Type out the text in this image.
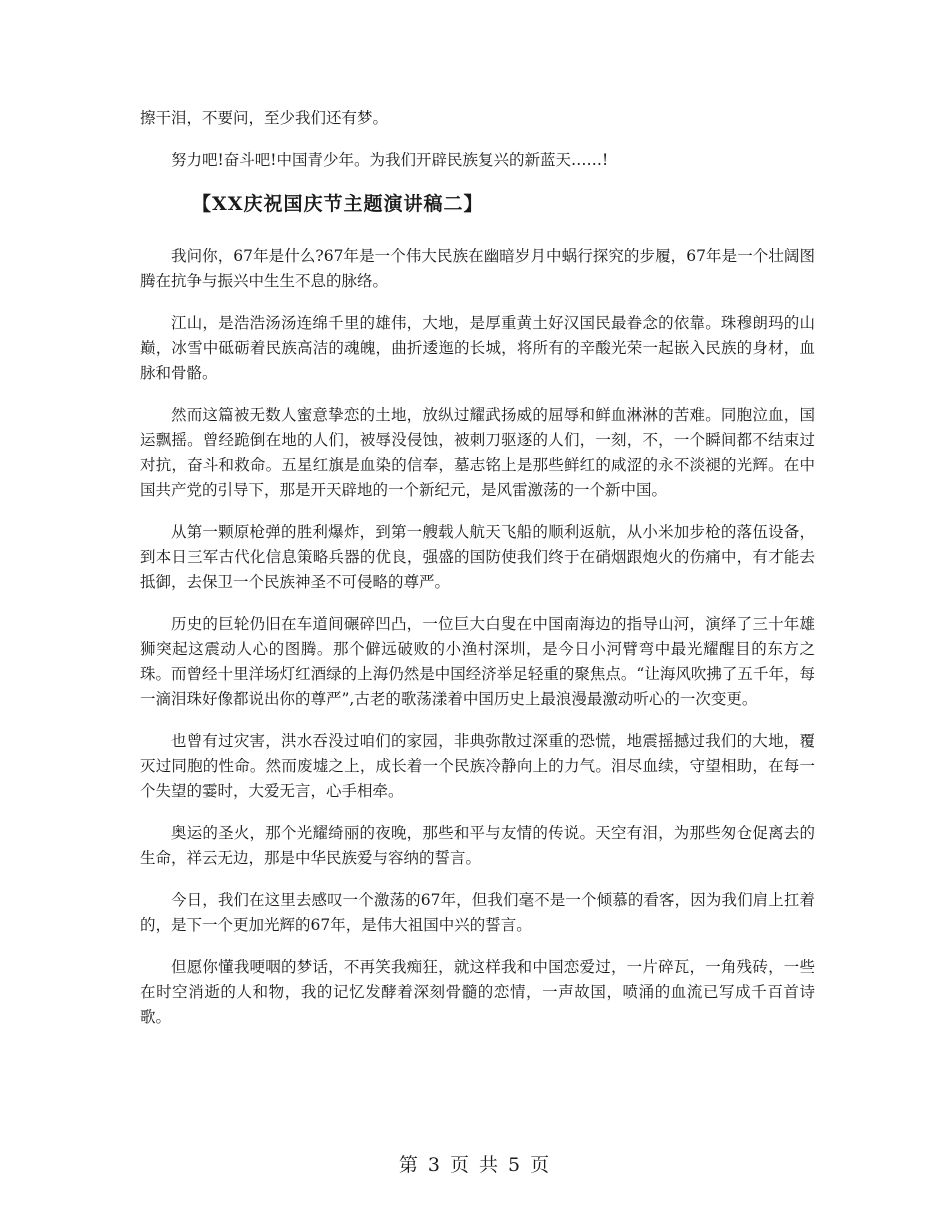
擦干泪，不要问，至少我们还有梦。

努力吧!奋斗吧!中国青少年。为我们开辟民族复兴的新蓝天……!

【XX庆祝国庆节主题演讲稿二】

我问你，67年是什么?67年是一个伟大民族在幽暗岁月中蜗行探究的步履，67年是一个壮阔图腾在抗争与振兴中生生不息的脉络。

江山，是浩浩汤汤连绵千里的雄伟，大地，是厚重黄土好汉国民最眷念的依靠。珠穆朗玛的山巅，冰雪中砥砺着民族高洁的魂魄，曲折逶迤的长城，将所有的辛酸光荣一起嵌入民族的身材，血脉和骨骼。

然而这篇被无数人蜜意挚恋的土地，放纵过耀武扬威的屈辱和鲜血淋淋的苦难。同胞泣血，国运飘摇。曾经跪倒在地的人们，被辱没侵蚀，被刺刀驱逐的人们，一刻，不，一个瞬间都不结束过对抗，奋斗和救命。五星红旗是血染的信奉，墓志铭上是那些鲜红的咸涩的永不淡褪的光辉。在中国共产党的引导下，那是开天辟地的一个新纪元，是风雷激荡的一个新中国。

从第一颗原枪弹的胜利爆炸，到第一艘载人航天飞船的顺利返航，从小米加步枪的落伍设备，到本日三军古代化信息策略兵器的优良，强盛的国防使我们终于在硝烟跟炮火的伤痛中，有才能去抵御，去保卫一个民族神圣不可侵略的尊严。

历史的巨轮仍旧在车道间碾碎凹凸，一位巨大白叟在中国南海边的指导山河，演绎了三十年雄狮突起这震动人心的图腾。那个僻远破败的小渔村深圳，是今日小河臂弯中最光耀醒目的东方之珠。而曾经十里洋场灯红酒绿的上海仍然是中国经济举足轻重的聚焦点。“让海风吹拂了五千年，每一滴泪珠好像都说出你的尊严”,古老的歌荡漾着中国历史上最浪漫最激动听心的一次变更。

也曾有过灾害，洪水吞没过咱们的家园，非典弥散过深重的恐慌，地震摇撼过我们的大地，覆灭过同胞的性命。然而废墟之上，成长着一个民族冷静向上的力气。泪尽血续，守望相助，在每一个失望的霎时，大爱无言，心手相牵。

奥运的圣火，那个光耀绮丽的夜晚，那些和平与友情的传说。天空有泪，为那些匆仓促离去的生命，祥云无边，那是中华民族爱与容纳的誓言。

今日，我们在这里去感叹一个激荡的67年，但我们毫不是一个倾慕的看客，因为我们肩上扛着的，是下一个更加光辉的67年，是伟大祖国中兴的誓言。

但愿你懂我哽咽的梦话，不再笑我痴狂，就这样我和中国恋爱过，一片碎瓦，一角残砖，一些在时空消逝的人和物，我的记忆发酵着深刻骨髓的恋情，一声故国，喷涌的血流已写成千百首诗歌。

第 3 页 共 5 页
